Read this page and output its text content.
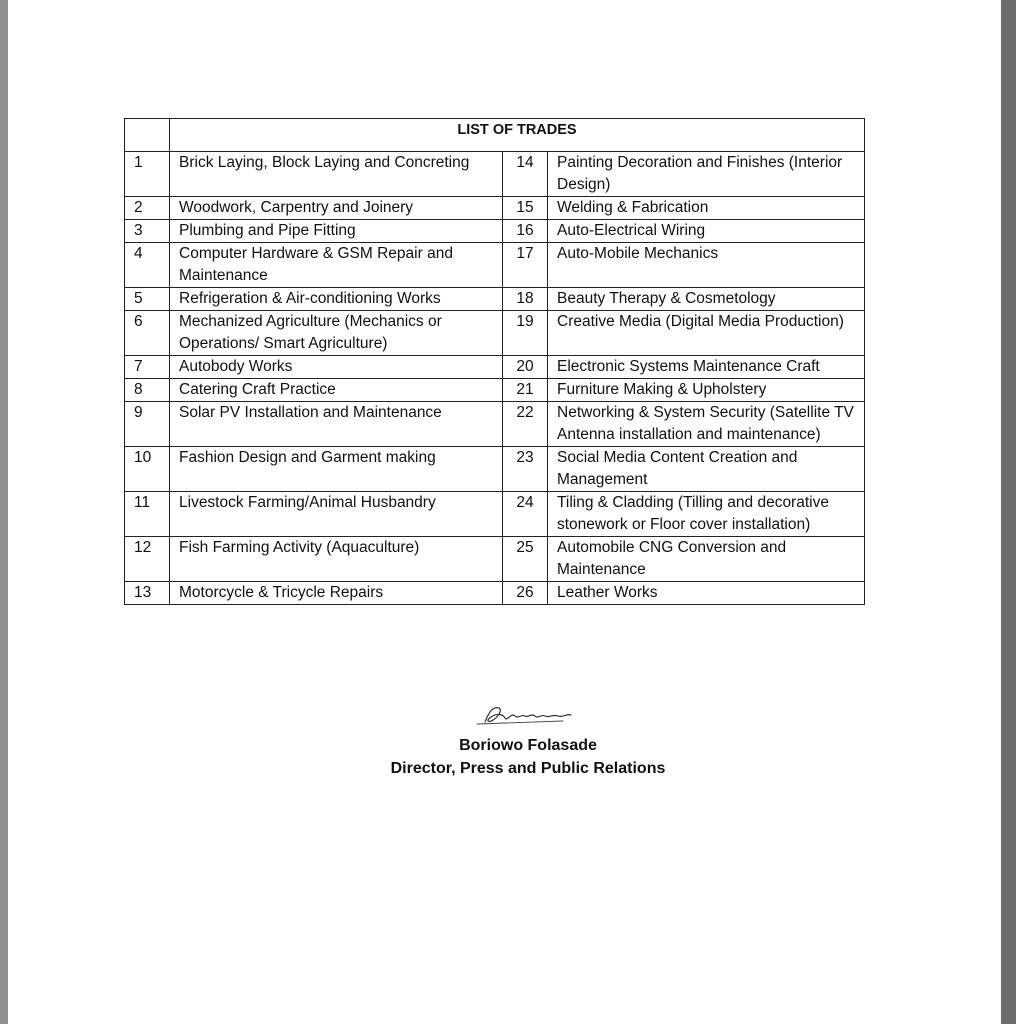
	LIST OF TRADES		
1	Brick Laying, Block Laying and Concreting	14	Painting Decoration and Finishes (Interior Design)
2	Woodwork, Carpentry and Joinery	15	Welding & Fabrication
3	Plumbing and Pipe Fitting	16	Auto-Electrical Wiring
4	Computer Hardware & GSM Repair and Maintenance	17	Auto-Mobile Mechanics
5	Refrigeration & Air-conditioning Works	18	Beauty Therapy & Cosmetology
6	Mechanized Agriculture (Mechanics or Operations/ Smart Agriculture)	19	Creative Media (Digital Media Production)
7	Autobody Works	20	Electronic Systems Maintenance Craft
8	Catering Craft Practice	21	Furniture Making & Upholstery
9	Solar PV Installation and Maintenance	22	Networking & System Security (Satellite TV Antenna installation and maintenance)
10	Fashion Design and Garment making	23	Social Media Content Creation and Management
11	Livestock Farming/Animal Husbandry	24	Tiling & Cladding (Tilling and decorative stonework or Floor cover installation)
12	Fish Farming Activity (Aquaculture)	25	Automobile CNG Conversion and Maintenance
13	Motorcycle & Tricycle Repairs	26	Leather Works
Boriowo Folasade
Director, Press and Public Relations
